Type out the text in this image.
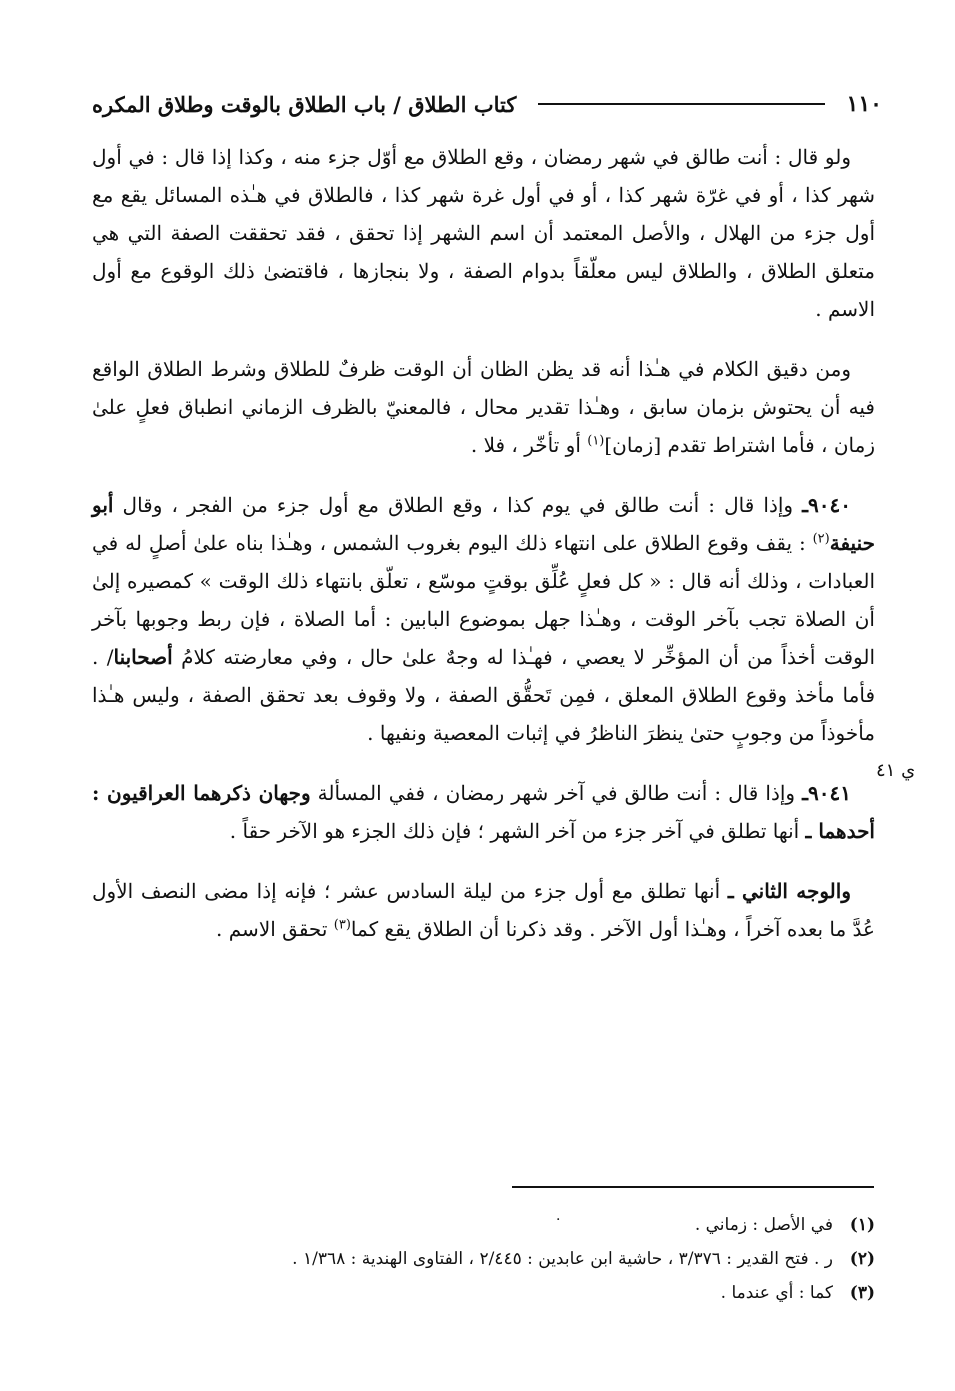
١١٠
كتاب الطلاق / باب الطلاق بالوقت وطلاق المكره

ولو قال : أنت طالق في شهر رمضان ، وقع الطلاق مع أوّل جزء منه ، وكذا إذا قال : في أول شهر كذا ، أو في غرّة شهر كذا ، أو في أول غرة شهر كذا ، فالطلاق في هـٰذه المسائل يقع مع أول جزء من الهلال ، والأصل المعتمد أن اسم الشهر إذا تحقق ، فقد تحققت الصفة التي هي متعلق الطلاق ، والطلاق ليس معلّقاً بدوام الصفة ، ولا بنجازها ، فاقتضىٰ ذلك الوقوع مع أول الاسم .

ومن دقيق الكلام في هـٰذا أنه قد يظن الظان أن الوقت ظرفٌ للطلاق وشرط الطلاق الواقع فيه أن يحتوش بزمان سابق ، وهـٰذا تقدير محال ، فالمعنيّ بالظرف الزماني انطباق فعلٍ علىٰ زمان ، فأما اشتراط تقدم [زمان]$^{(١)}$ أو تأخّر ، فلا .

٩٠٤٠ـ وإذا قال : أنت طالق في يوم كذا ، وقع الطلاق مع أول جزء من الفجر ، وقال أبو حنيفة$^{(٢)}$ : يقف وقوع الطلاق على انتهاء ذلك اليوم بغروب الشمس ، وهـٰذا بناه علىٰ أصلٍ له في العبادات ، وذلك أنه قال : « كل فعلٍ عُلِّق بوقتٍ موسّع ، تعلّق بانتهاء ذلك الوقت » كمصيره إلىٰ أن الصلاة تجب بآخر الوقت ، وهـٰذا جهل بموضوع البابين : أما الصلاة ، فإن ربط وجوبها بآخر الوقت أخذاً من أن المؤخِّر لا يعصي ، فهـٰذا له وجهٌ علىٰ حال ، وفي معارضته كلامُ أصحابنا/ . فأما مأخذ وقوع الطلاق المعلق ، فمِن تَحقُّق الصفة ، ولا وقوف بعد تحقق الصفة ، وليس هـٰذا مأخوذاً من وجوبٍ حتىٰ ينظرَ الناظرُ في إثبات المعصية ونفيها .

٩٠٤١ـ وإذا قال : أنت طالق في آخر شهر رمضان ، ففي المسألة وجهان ذكرهما العراقيون : أحدهما ـ أنها تطلق في آخر جزء من آخر الشهر ؛ فإن ذلك الجزء هو الآخر حقاً .

والوجه الثاني ـ أنها تطلق مع أول جزء من ليلة السادس عشر ؛ فإنه إذا مضى النصف الأول عُدَّ ما بعده آخراً ، وهـٰذا أول الآخر . وقد ذكرنا أن الطلاق يقع كما$^{(٣)}$ تحقق الاسم .

ي ٤١
·	(١)
في الأصل : زماني .
(٢)
ر . فتح القدير : ٣/٣٧٦ ، حاشية ابن عابدين : ٢/٤٤٥ ، الفتاوى الهندية : ١/٣٦٨ .
(٣)
كما : أي عندما .
